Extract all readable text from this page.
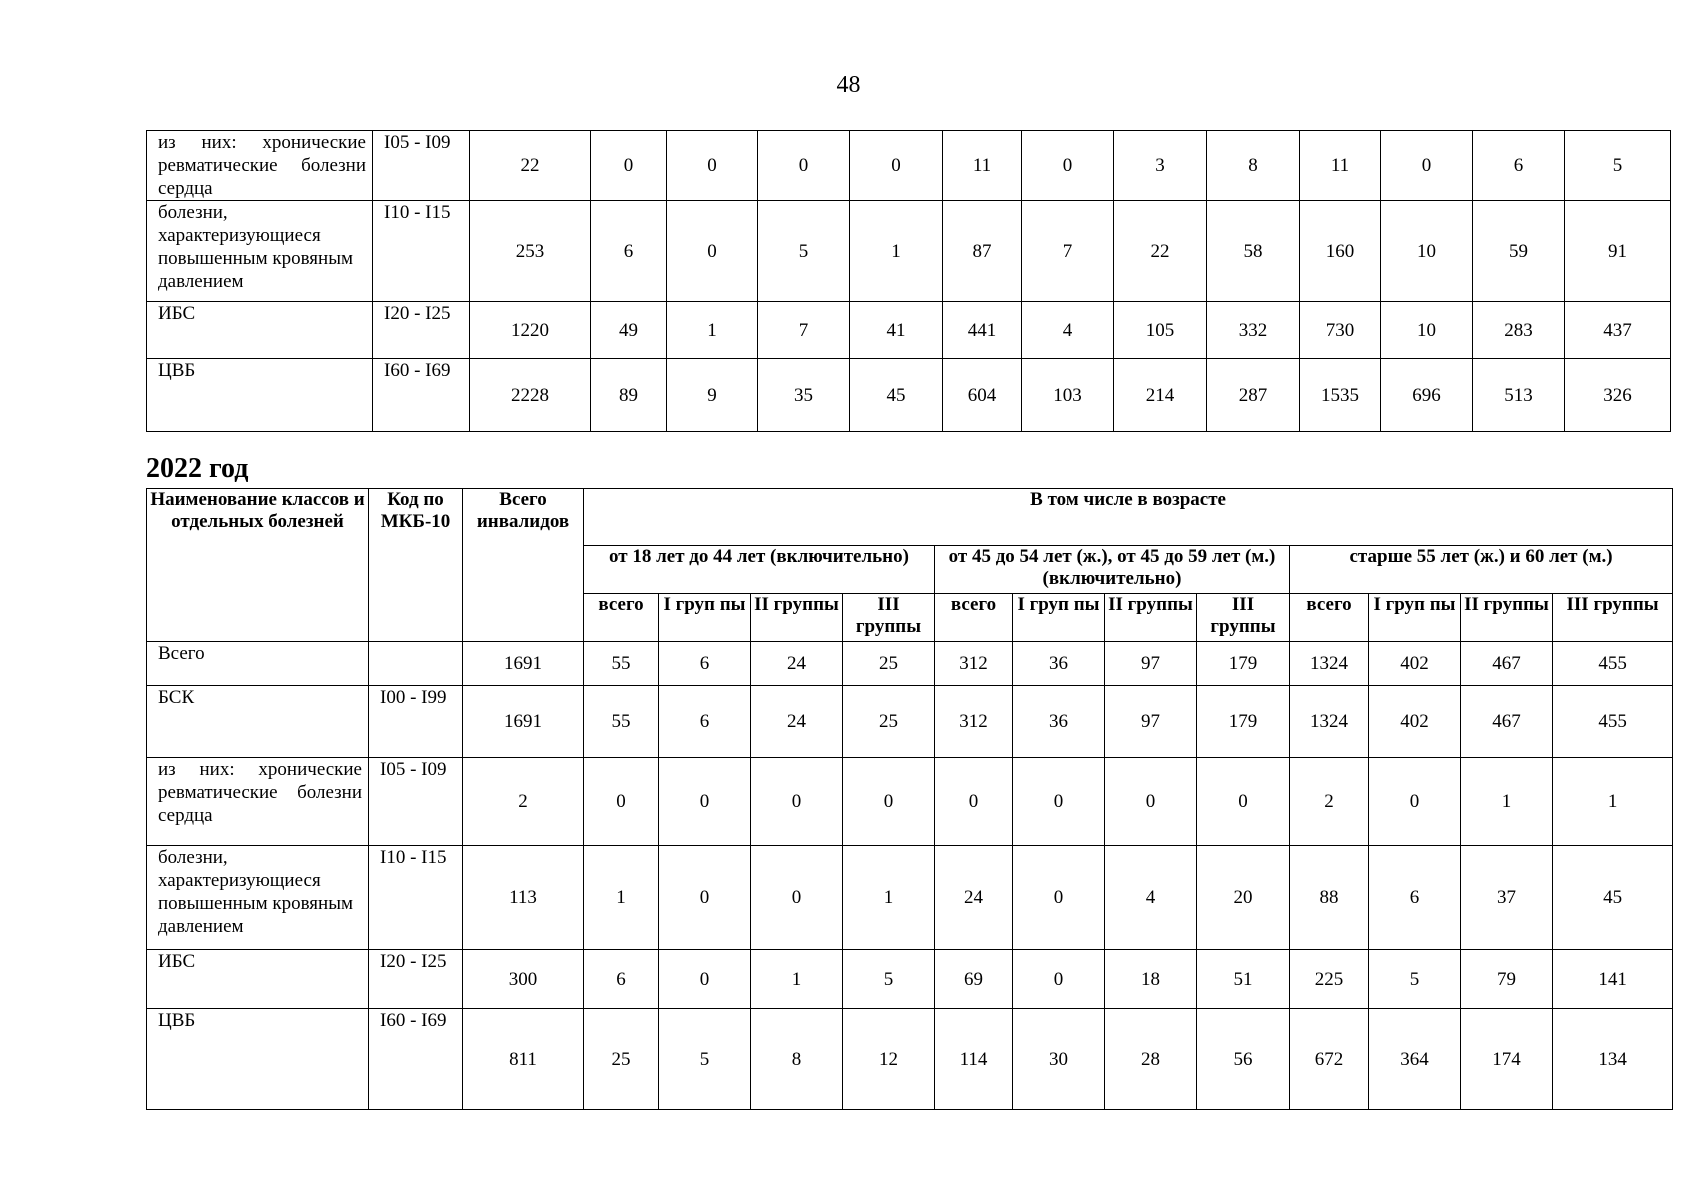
48
из них: хронические ревматические болезни сердца	I05 - I09	22	0	0	0	0	11	0	3	8	11	0	6	5
болезни, характеризующиеся повышенным кровяным давлением	I10 - I15	253	6	0	5	1	87	7	22	58	160	10	59	91
ИБС	I20 - I25	1220	49	1	7	41	441	4	105	332	730	10	283	437
ЦВБ	I60 - I69	2228	89	9	35	45	604	103	214	287	1535	696	513	326
2022 год
Наименование классов и отдельных болезней	Код по МКБ-10	Всего инвалидов	В том числе в возрасте											
			от 18 лет до 44 лет (включительно)				от 45 до 54 лет (ж.), от 45 до 59 лет (м.) (включительно)				старше 55 лет (ж.) и 60 лет (м.)			
			всего	I груп пы	II группы	III группы	всего	I груп пы	II группы	III группы	всего	I груп пы	II группы	III группы
Всего		1691	55	6	24	25	312	36	97	179	1324	402	467	455
БСК	I00 - I99	1691	55	6	24	25	312	36	97	179	1324	402	467	455
из них: хронические ревматические болезни сердца	I05 - I09	2	0	0	0	0	0	0	0	0	2	0	1	1
болезни, характеризующиеся повышенным кровяным давлением	I10 - I15	113	1	0	0	1	24	0	4	20	88	6	37	45
ИБС	I20 - I25	300	6	0	1	5	69	0	18	51	225	5	79	141
ЦВБ	I60 - I69	811	25	5	8	12	114	30	28	56	672	364	174	134
